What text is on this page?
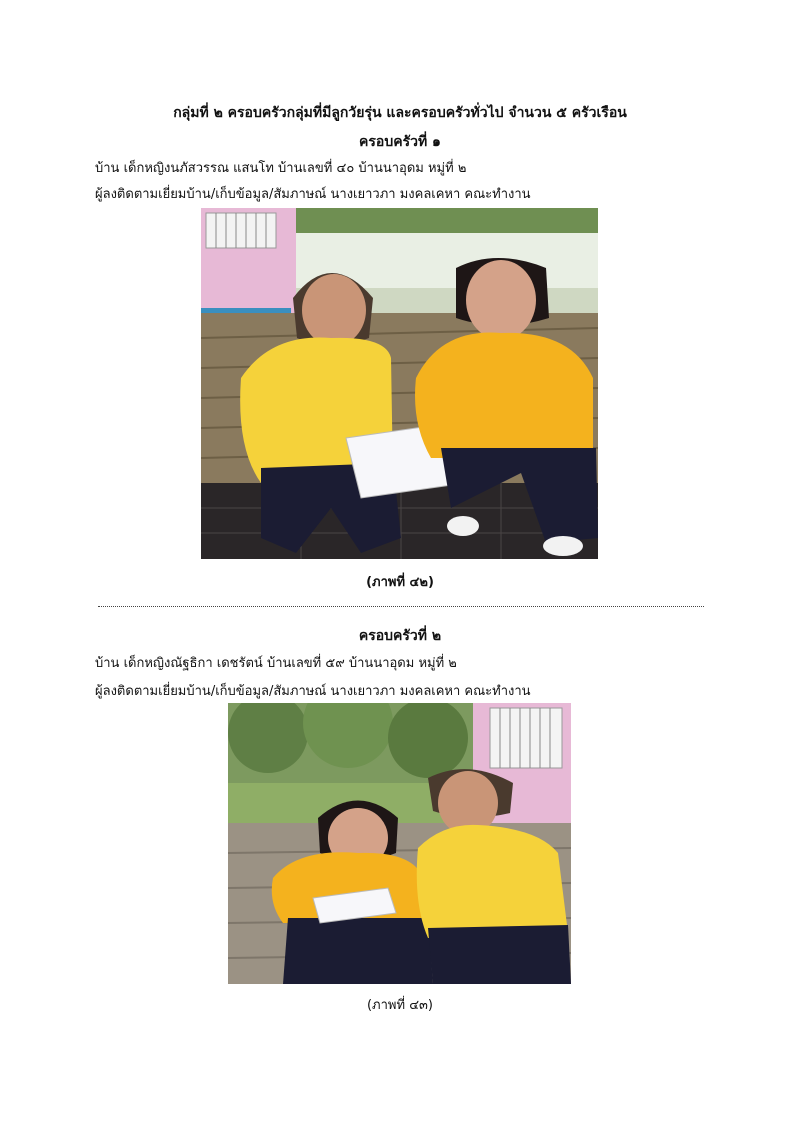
กลุ่มที่ ๒ ครอบครัวกลุ่มที่มีลูกวัยรุ่น และครอบครัวทั่วไป จำนวน ๕ ครัวเรือน
ครอบครัวที่ ๑
บ้าน เด็กหญิงนภัสวรรณ แสนโท บ้านเลขที่ ๔๐ บ้านนาอุดม หมู่ที่ ๒
ผู้ลงติดตามเยี่ยมบ้าน/เก็บข้อมูล/สัมภาษณ์ นางเยาวภา มงคลเคหา คณะทำงาน
(ภาพที่ ๔๒)
ครอบครัวที่ ๒
บ้าน เด็กหญิงณัฐธิกา เดชรัตน์ บ้านเลขที่ ๕๙ บ้านนาอุดม หมู่ที่ ๒
ผู้ลงติดตามเยี่ยมบ้าน/เก็บข้อมูล/สัมภาษณ์ นางเยาวภา มงคลเคหา คณะทำงาน
(ภาพที่ ๔๓)
